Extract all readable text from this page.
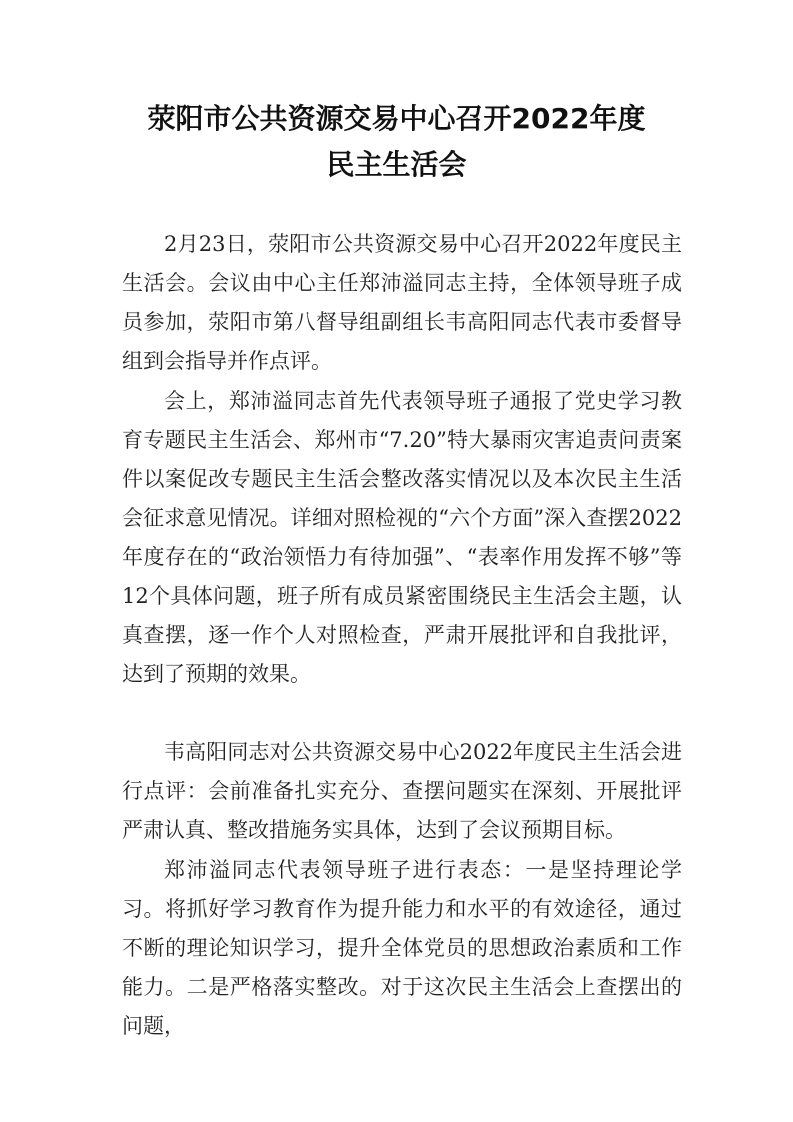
荥阳市公共资源交易中心召开2022年度
民主生活会

2月23日，荥阳市公共资源交易中心召开2022年度民主生活会。会议由中心主任郑沛溢同志主持，全体领导班子成员参加，荥阳市第八督导组副组长韦高阳同志代表市委督导组到会指导并作点评。

会上，郑沛溢同志首先代表领导班子通报了党史学习教育专题民主生活会、郑州市“7.20”特大暴雨灾害追责问责案件以案促改专题民主生活会整改落实情况以及本次民主生活会征求意见情况。详细对照检视的“六个方面”深入查摆2022年度存在的“政治领悟力有待加强”、“表率作用发挥不够”等12个具体问题，班子所有成员紧密围绕民主生活会主题，认真查摆，逐一作个人对照检查，严肃开展批评和自我批评，达到了预期的效果。

韦高阳同志对公共资源交易中心2022年度民主生活会进行点评：会前准备扎实充分、查摆问题实在深刻、开展批评严肃认真、整改措施务实具体，达到了会议预期目标。

郑沛溢同志代表领导班子进行表态：一是坚持理论学习。将抓好学习教育作为提升能力和水平的有效途径，通过不断的理论知识学习，提升全体党员的思想政治素质和工作能力。二是严格落实整改。对于这次民主生活会上查摆出的问题，
